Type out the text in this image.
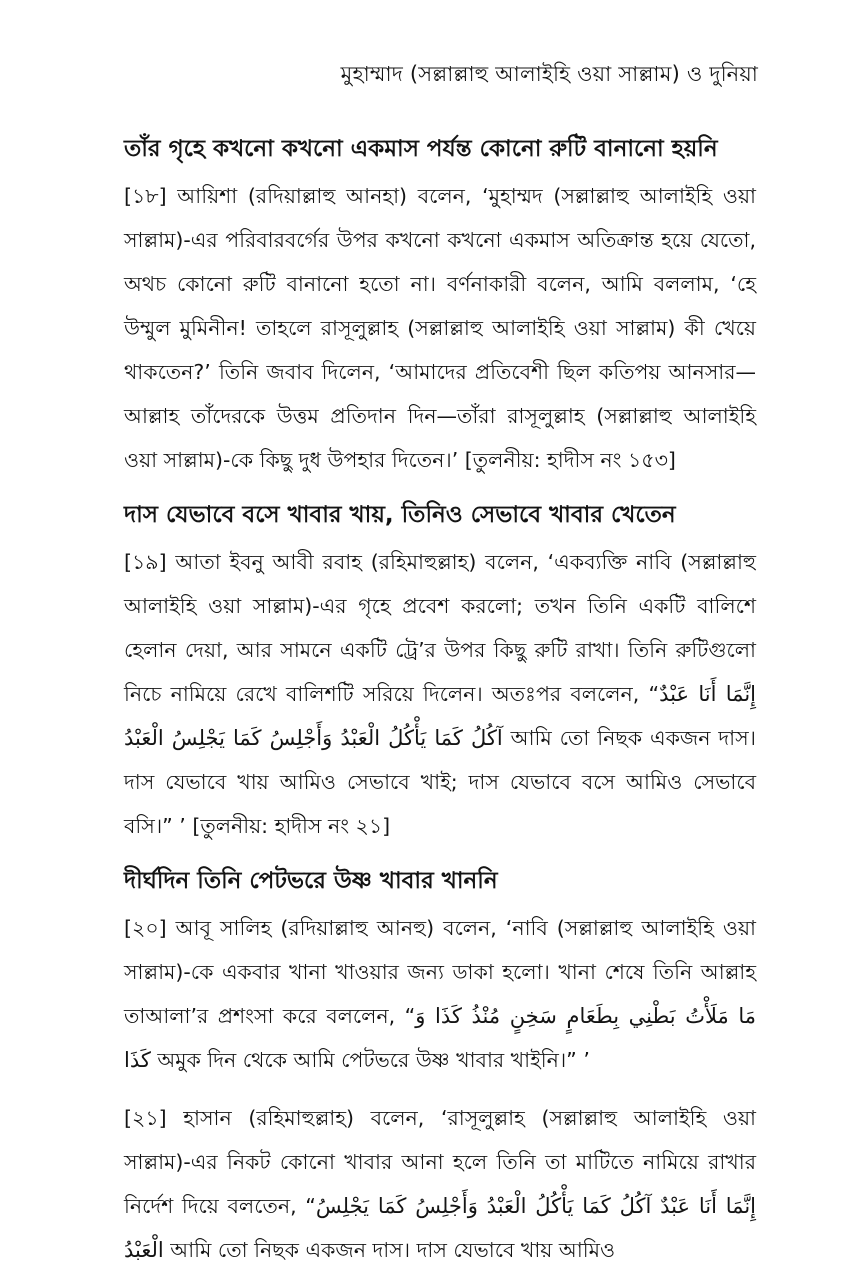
মুহাম্মাদ (সল্লাল্লাহু আলাইহি ওয়া সাল্লাম) ও দুনিয়া
তাঁর গৃহে কখনো কখনো একমাস পর্যন্ত কোনো রুটি বানানো হয়নি
[১৮] আয়িশা (রদিয়াল্লাহু আনহা) বলেন, ‘মুহাম্মদ (সল্লাল্লাহু আলাইহি ওয়া সাল্লাম)-এর পরিবারবর্গের উপর কখনো কখনো একমাস অতিক্রান্ত হয়ে যেতো, অথচ কোনো রুটি বানানো হতো না। বর্ণনাকারী বলেন, আমি বললাম, ‘হে উম্মুল মুমিনীন! তাহলে রাসূলুল্লাহ (সল্লাল্লাহু আলাইহি ওয়া সাল্লাম) কী খেয়ে থাকতেন?’ তিনি জবাব দিলেন, ‘আমাদের প্রতিবেশী ছিল কতিপয় আনসার—আল্লাহ তাঁদেরকে উত্তম প্রতিদান দিন—তাঁরা রাসূলুল্লাহ (সল্লাল্লাহু আলাইহি ওয়া সাল্লাম)-কে কিছু দুধ উপহার দিতেন।’ [তুলনীয়: হাদীস নং ১৫৩]
দাস যেভাবে বসে খাবার খায়, তিনিও সেভাবে খাবার খেতেন
[১৯] আতা ইবনু আবী রবাহ (রহিমাহুল্লাহ) বলেন, ‘একব্যক্তি নাবি (সল্লাল্লাহু আলাইহি ওয়া সাল্লাম)-এর গৃহে প্রবেশ করলো; তখন তিনি একটি বালিশে হেলান দেয়া, আর সামনে একটি ট্রে’র উপর কিছু রুটি রাখা। তিনি রুটিগুলো নিচে নামিয়ে রেখে বালিশটি সরিয়ে দিলেন। অতঃপর বললেন, “إِنَّمَا أَنَا عَبْدٌ آكُلُ كَمَا يَأْكُلُ الْعَبْدُ وَأَجْلِسُ كَمَا يَجْلِسُ الْعَبْدُ আমি তো নিছক একজন দাস। দাস যেভাবে খায় আমিও সেভাবে খাই; দাস যেভাবে বসে আমিও সেভাবে বসি।” ’ [তুলনীয়: হাদীস নং ২১]
দীর্ঘদিন তিনি পেটভরে উষ্ণ খাবার খাননি
[২০] আবূ সালিহ (রদিয়াল্লাহু আনহু) বলেন, ‘নাবি (সল্লাল্লাহু আলাইহি ওয়া সাল্লাম)-কে একবার খানা খাওয়ার জন্য ডাকা হলো। খানা শেষে তিনি আল্লাহ তাআলা’র প্রশংসা করে বললেন, “مَا مَلَأْتُ بَطْنِي بِطَعَامٍ سَخِنٍ مُنْذُ كَذَا وَ كَذَا অমুক দিন থেকে আমি পেটভরে উষ্ণ খাবার খাইনি।” ’
[২১] হাসান (রহিমাহুল্লাহ) বলেন, ‘রাসূলুল্লাহ (সল্লাল্লাহু আলাইহি ওয়া সাল্লাম)-এর নিকট কোনো খাবার আনা হলে তিনি তা মাটিতে নামিয়ে রাখার নির্দেশ দিয়ে বলতেন, “إِنَّمَا أَنَا عَبْدٌ آكُلُ كَمَا يَأْكُلُ الْعَبْدُ وَأَجْلِسُ كَمَا يَجْلِسُ الْعَبْدُ আমি তো নিছক একজন দাস। দাস যেভাবে খায় আমিও
